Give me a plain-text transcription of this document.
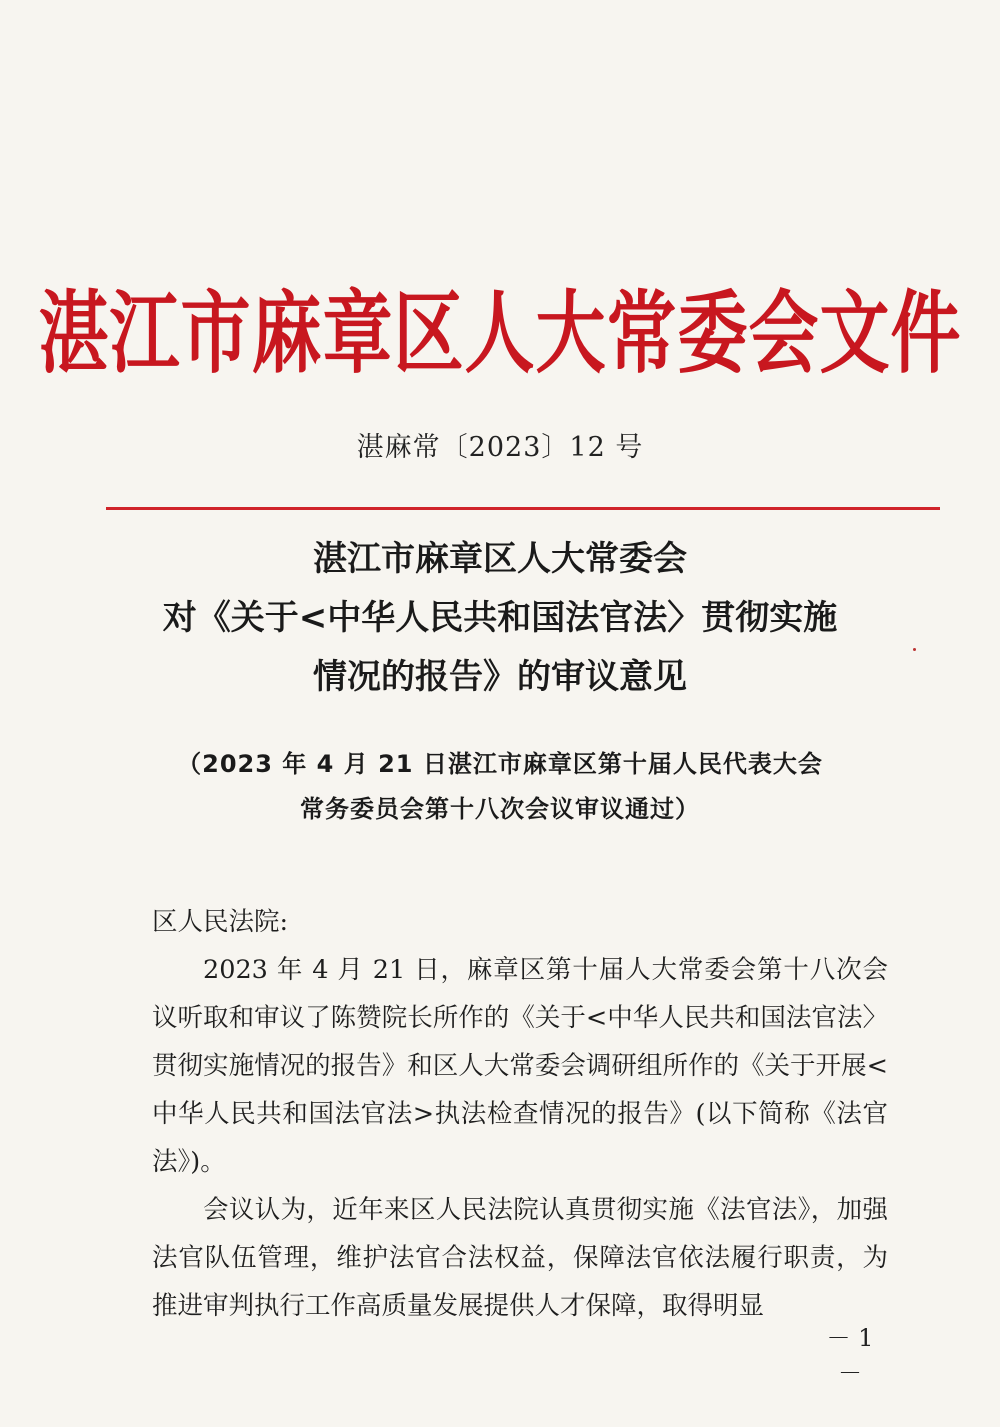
湛江市麻章区人大常委会文件
湛麻常〔2023〕12 号
湛江市麻章区人大常委会
对《关于<中华人民共和国法官法〉贯彻实施
情况的报告》的审议意见
（2023 年 4 月 21 日湛江市麻章区第十届人民代表大会
常务委员会第十八次会议审议通过）

区人民法院:

2023 年 4 月 21 日，麻章区第十届人大常委会第十八次会议听取和审议了陈赞院长所作的《关于<中华人民共和国法官法〉贯彻实施情况的报告》和区人大常委会调研组所作的《关于开展<中华人民共和国法官法>执法检查情况的报告》(以下简称《法官法》)。

会议认为，近年来区人民法院认真贯彻实施《法官法》，加强法官队伍管理，维护法官合法权益，保障法官依法履行职责，为推进审判执行工作高质量发展提供人才保障，取得明显

－ 1 －
